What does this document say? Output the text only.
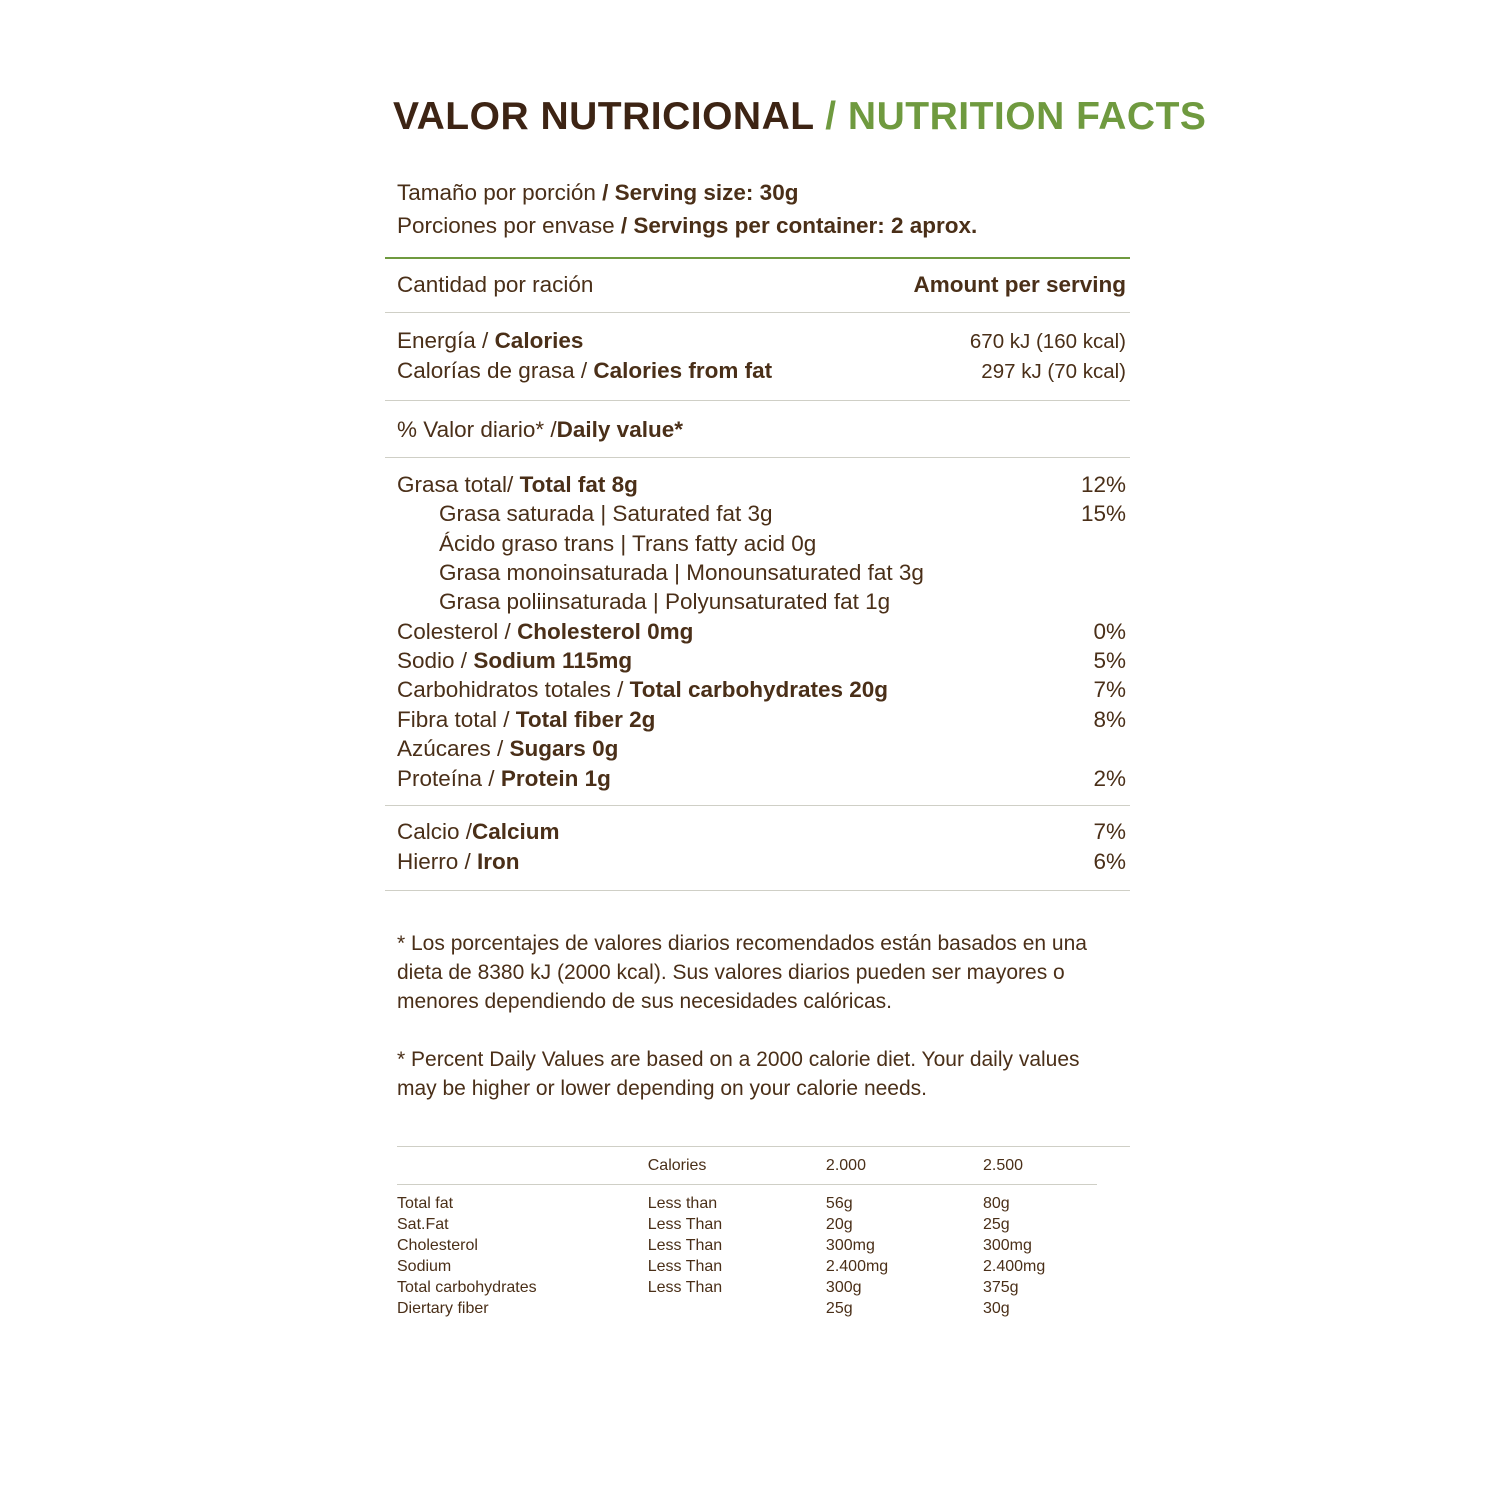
VALOR NUTRICIONAL / NUTRITION FACTS
Tamaño por porción / Serving size: 30g
Porciones por envase / Servings per container: 2 aprox.
Cantidad por ración	Amount per serving
Energía / Calories	670 kJ (160 kcal)
Calorías de grasa / Calories from fat	297 kJ (70 kcal)
% Valor diario* /Daily value*
Grasa total/ Total fat 8g	12%
Grasa saturada | Saturated fat 3g	15%
Ácido graso trans | Trans fatty acid 0g
Grasa monoinsaturada | Monounsaturated fat 3g
Grasa poliinsaturada | Polyunsaturated fat 1g
Colesterol / Cholesterol 0mg	0%
Sodio / Sodium 115mg	5%
Carbohidratos totales / Total carbohydrates 20g	7%
Fibra total / Total fiber 2g	8%
Azúcares / Sugars 0g
Proteína / Protein 1g	2%
Calcio /Calcium	7%
Hierro / Iron	6%
* Los porcentajes de valores diarios recomendados están basados en una dieta de 8380 kJ (2000 kcal). Sus valores diarios pueden ser mayores o menores dependiendo de sus necesidades calóricas.
* Percent Daily Values are based on a 2000 calorie diet. Your daily values may be higher or lower depending on your calorie needs.
	Calories	2.000	2.500
Total fat	Less than	56g	80g
Sat.Fat	Less Than	20g	25g
Cholesterol	Less Than	300mg	300mg
Sodium	Less Than	2.400mg	2.400mg
Total carbohydrates	Less Than	300g	375g
Diertary fiber		25g	30g
